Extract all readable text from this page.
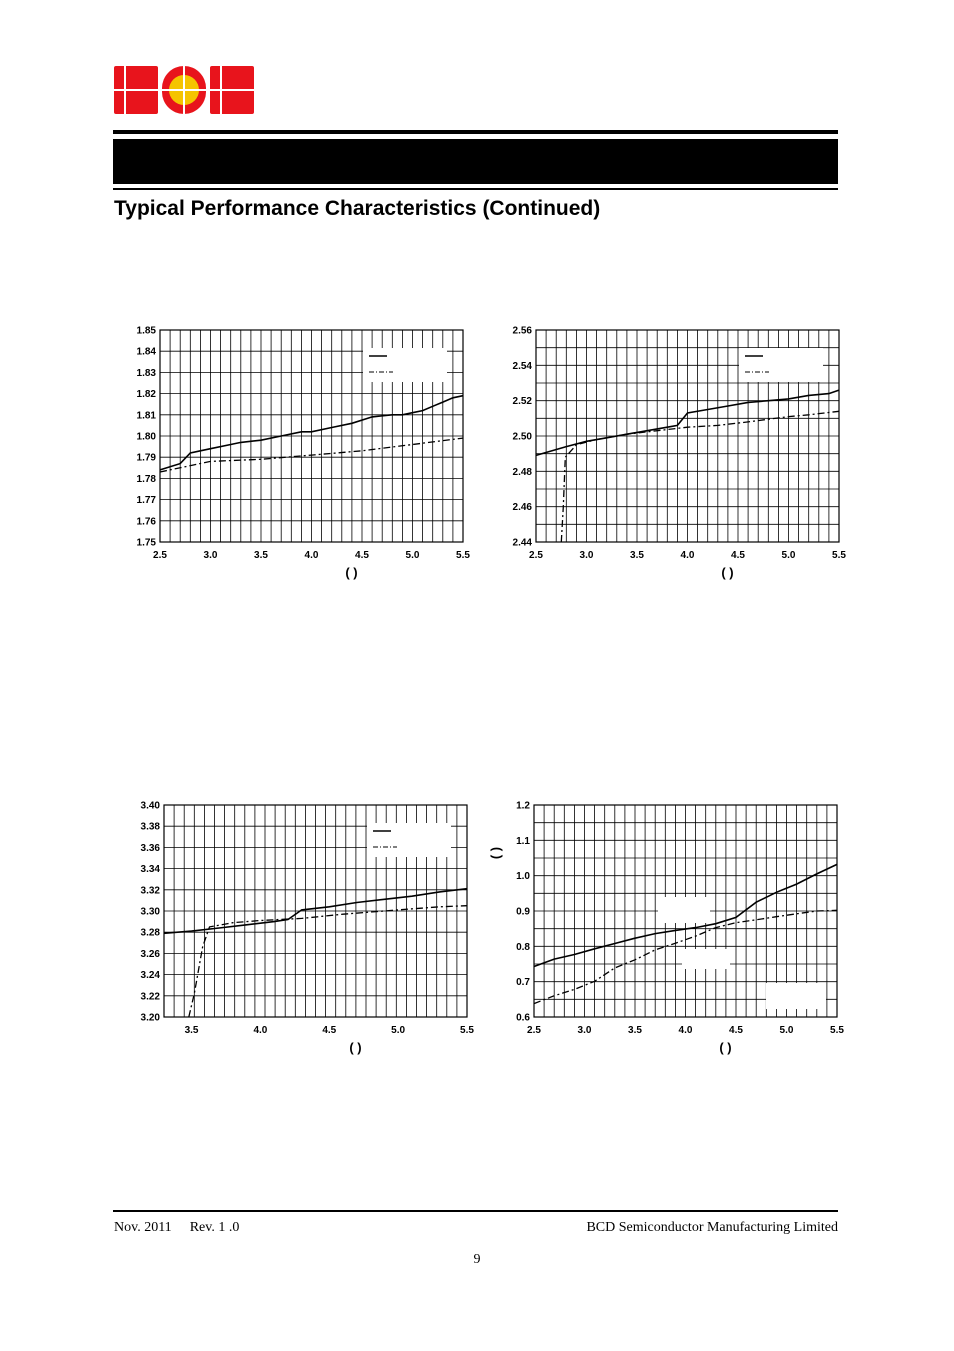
Typical Performance Characteristics (Continued)
1.75
1.76
1.77
1.78
1.79
1.80
1.81
1.82
1.83
1.84
1.85
2.5	3.0	3.5	4.0	4.5	5.0	5.5
( )
2.44
2.46
2.48
2.50
2.52
2.54
2.56
2.5	3.0	3.5	4.0	4.5	5.0	5.5
( )
3.20
3.22
3.24
3.26
3.28
3.30
3.32
3.34
3.36
3.38
3.40
3.5	4.0	4.5	5.0	5.5
( )
0.6
0.7
0.8
0.9
1.0
1.1
1.2
2.5	3.0	3.5	4.0	4.5	5.0	5.5
( )
( )
Nov. 2011 Rev. 1 .0	BCD Semiconductor Manufacturing Limited
9
